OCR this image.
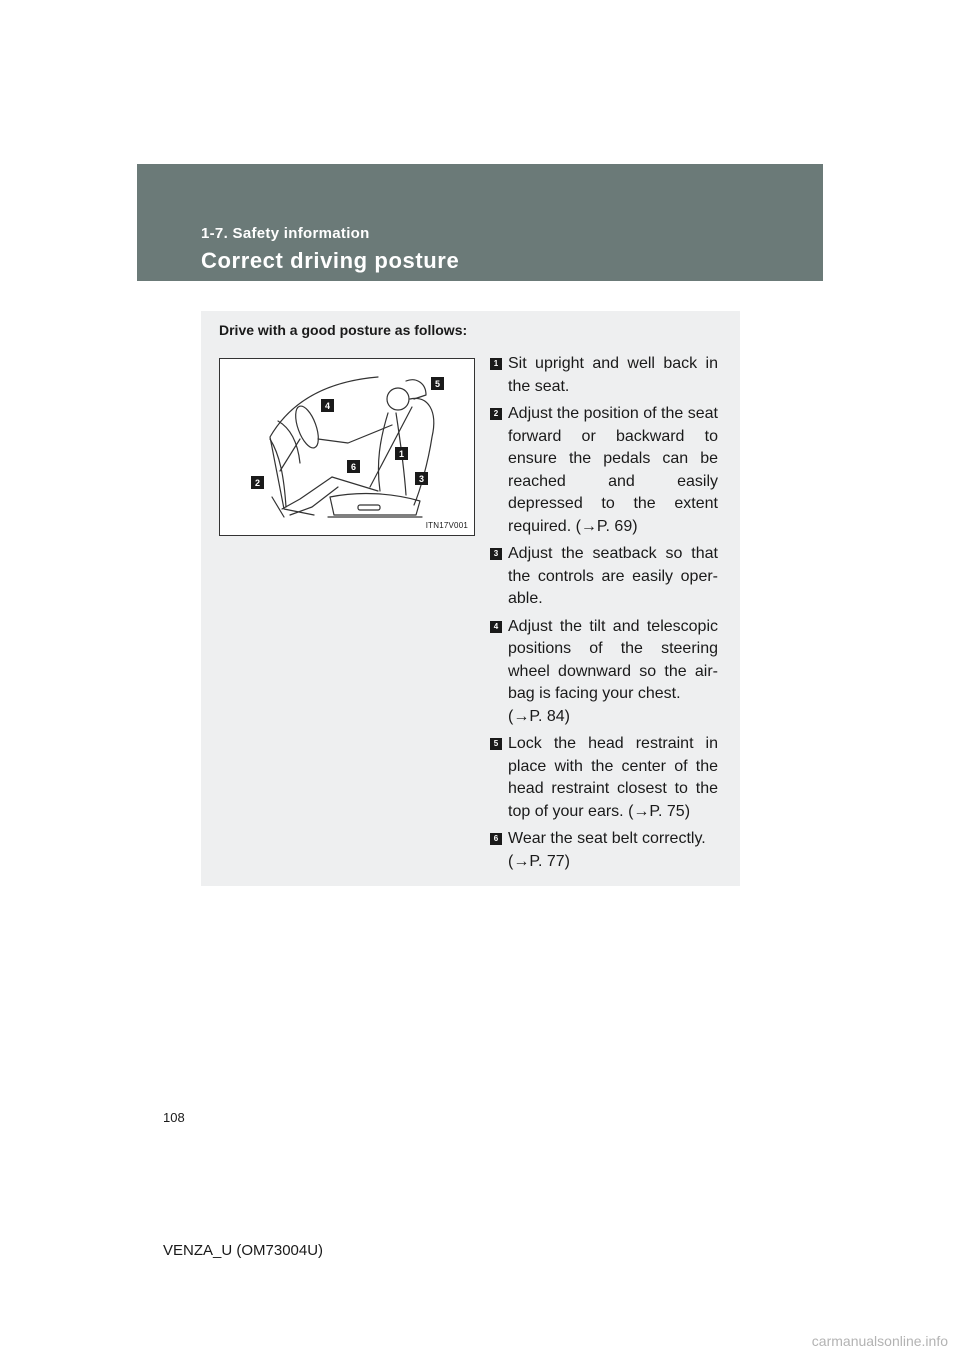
1-7. Safety information
Correct driving posture
Drive with a good posture as follows:
1
2	3
4
5
6
ITN17V001
1 Sit upright and well back in the seat.
2 Adjust the position of the seat forward or backward to ensure the pedals can be reached and easily depressed to the extent required. (→P. 69)
3 Adjust the seatback so that the controls are easily oper-able.
4 Adjust the tilt and telescopic positions of the steering wheel downward so the air-bag is facing your chest.
(→P. 84)
5 Lock the head restraint in place with the center of the head restraint closest to the top of your ears. (→P. 75)
6 Wear the seat belt correctly.
(→P. 77)
108
VENZA_U (OM73004U)
carmanualsonline.info
